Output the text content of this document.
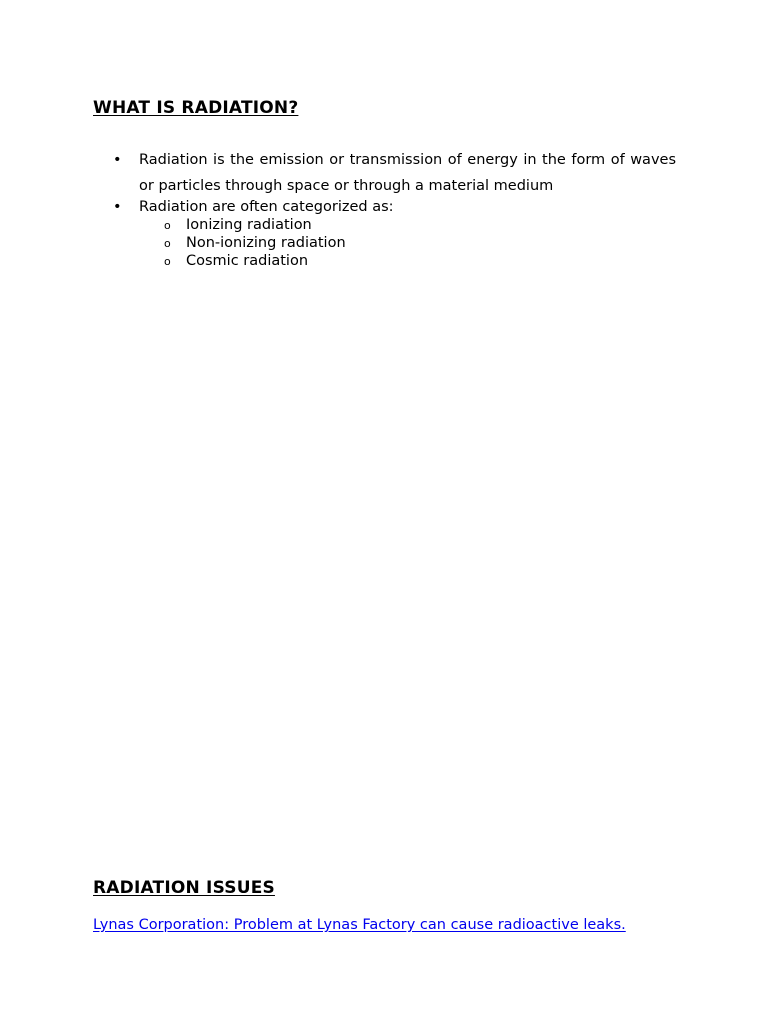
WHAT IS RADIATION?
• Radiation is the emission or transmission of energy in the form of waves or particles through space or through a material medium
• Radiation are often categorized as:
o Ionizing radiation
o Non-ionizing radiation
o Cosmic radiation
RADIATION ISSUES
Lynas Corporation: Problem at Lynas Factory can cause radioactive leaks.
